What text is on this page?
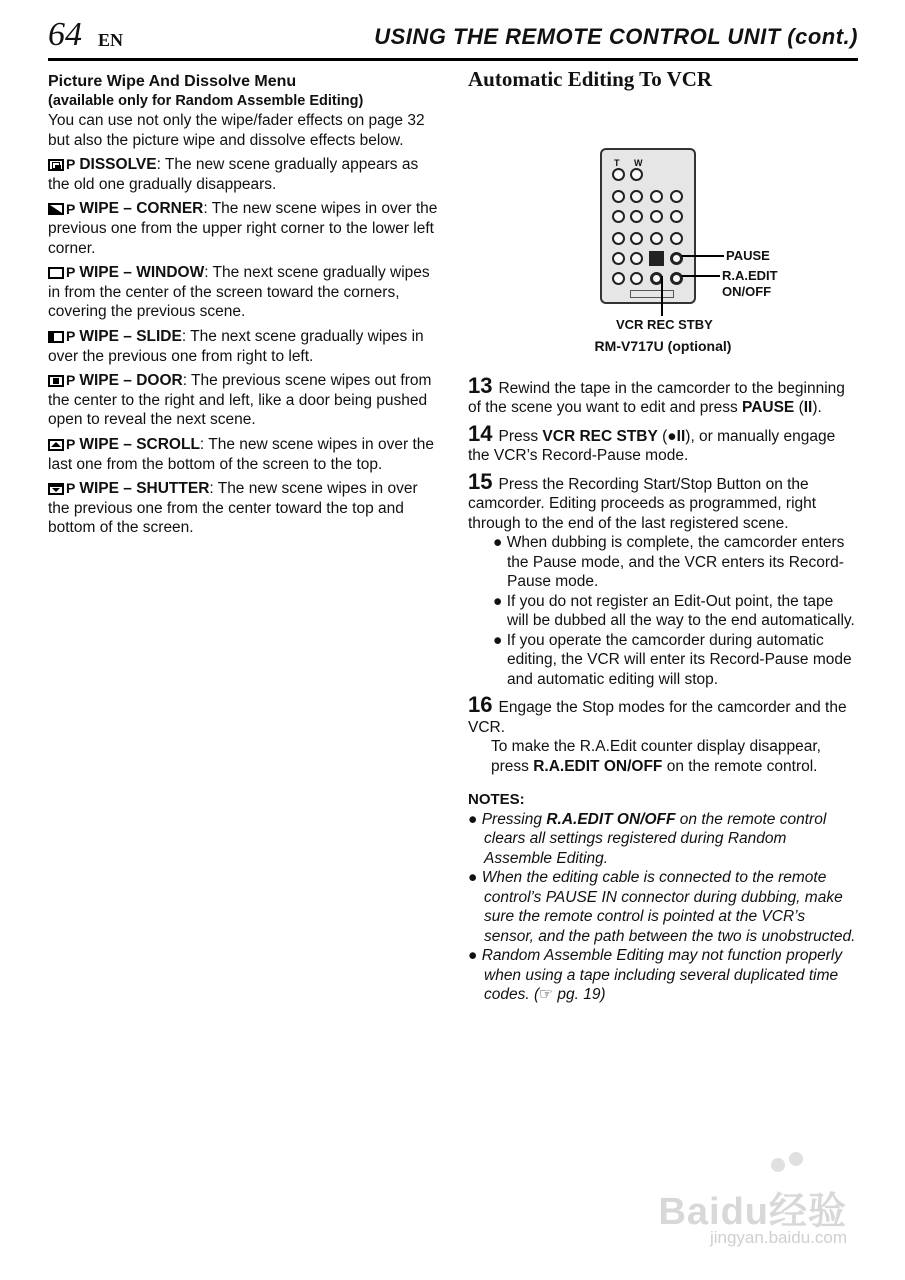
64 EN	USING THE REMOTE CONTROL UNIT (cont.)
Picture Wipe And Dissolve Menu
(available only for Random Assemble Editing)

You can use not only the wipe/fader effects on page 32 but also the picture wipe and dissolve effects below.

P DISSOLVE: The new scene gradually appears as the old one gradually disappears.

P WIPE – CORNER: The new scene wipes in over the previous one from the upper right corner to the lower left corner.

P WIPE – WINDOW: The next scene gradually wipes in from the center of the screen toward the corners, covering the previous scene.

P WIPE – SLIDE: The next scene gradually wipes in over the previous one from right to left.

P WIPE – DOOR: The previous scene wipes out from the center to the right and left, like a door being pushed open to reveal the next scene.

P WIPE – SCROLL: The new scene wipes in over the last one from the bottom of the screen to the top.

P WIPE – SHUTTER: The new scene wipes in over the previous one from the center toward the top and bottom of the screen.

Automatic Editing To VCR
T W
PAUSE
R.A.EDIT
ON/OFF
VCR REC STBY
RM-V717U (optional)
13 Rewind the tape in the camcorder to the beginning of the scene you want to edit and press PAUSE (II).
14 Press VCR REC STBY (●II), or manually engage the VCR’s Record-Pause mode.
15 Press the Recording Start/Stop Button on the camcorder. Editing proceeds as programmed, right through to the end of the last registered scene.
● When dubbing is complete, the camcorder enters the Pause mode, and the VCR enters its Record-Pause mode.
● If you do not register an Edit-Out point, the tape will be dubbed all the way to the end automatically.
● If you operate the camcorder during automatic editing, the VCR will enter its Record-Pause mode and automatic editing will stop.
16 Engage the Stop modes for the camcorder and the VCR.
To make the R.A.Edit counter display disappear, press R.A.EDIT ON/OFF on the remote control.
NOTES:
● Pressing R.A.EDIT ON/OFF on the remote control clears all settings registered during Random Assemble Editing.
● When the editing cable is connected to the remote control’s PAUSE IN connector during dubbing, make sure the remote control is pointed at the VCR’s sensor, and the path between the two is unobstructed.
● Random Assemble Editing may not function properly when using a tape including several duplicated time codes. (☞ pg. 19)
Baidu经验
jingyan.baidu.com
